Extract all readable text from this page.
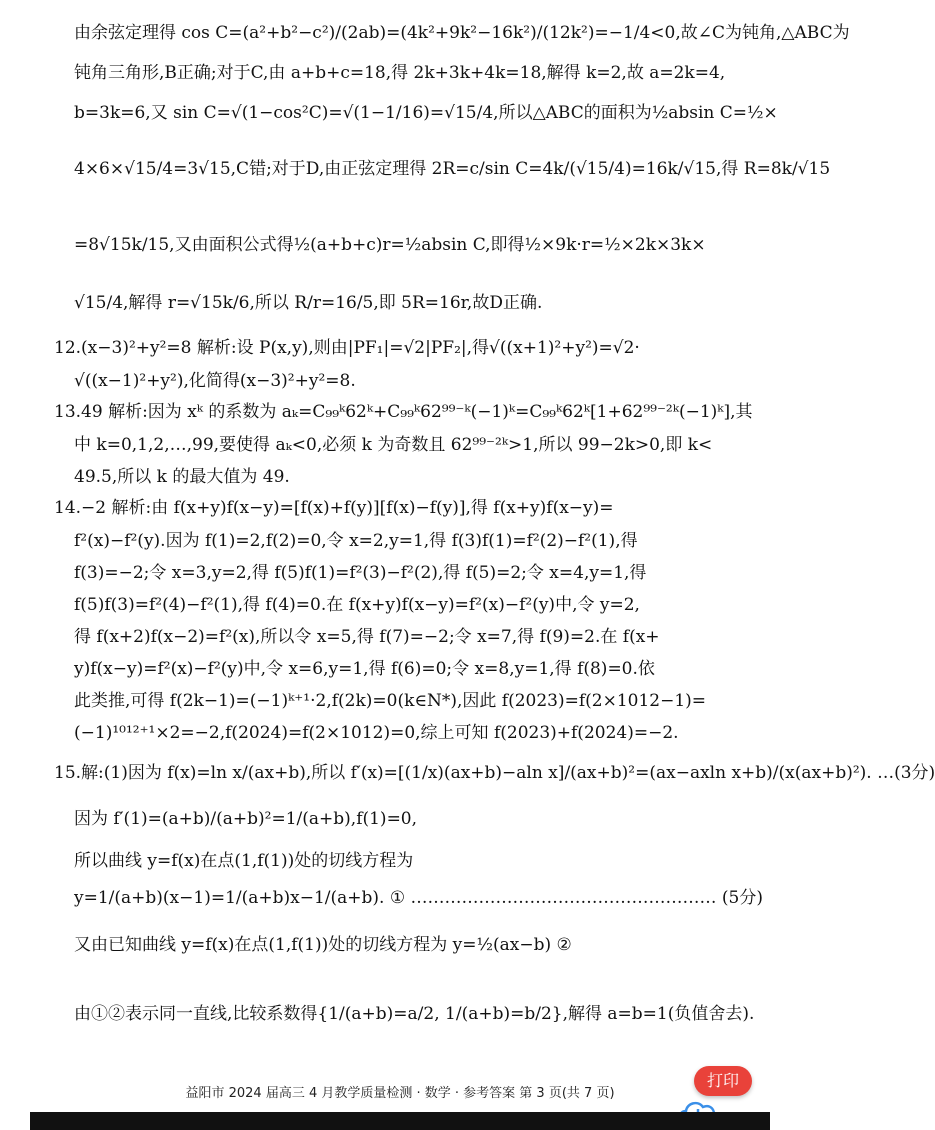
由余弦定理得 cos C=(a²+b²−c²)/(2ab)=(4k²+9k²−16k²)/(12k²)=−1/4<0,故∠C为钝角,△ABC为
钝角三角形,B正确;对于C,由 a+b+c=18,得 2k+3k+4k=18,解得 k=2,故 a=2k=4,
b=3k=6,又 sin C=√(1−cos²C)=√(1−1/16)=√15/4,所以△ABC的面积为½absin C=½×
4×6×√15/4=3√15,C错;对于D,由正弦定理得 2R=c/sin C=4k/(√15/4)=16k/√15,得 R=8k/√15
=8√15k/15,又由面积公式得½(a+b+c)r=½absin C,即得½×9k·r=½×2k×3k×
√15/4,解得 r=√15k/6,所以 R/r=16/5,即 5R=16r,故D正确.
12.(x−3)²+y²=8 解析:设 P(x,y),则由|PF₁|=√2|PF₂|,得√((x+1)²+y²)=√2·
√((x−1)²+y²),化简得(x−3)²+y²=8.
13.49 解析:因为 xᵏ 的系数为 aₖ=C₉₉ᵏ62ᵏ+C₉₉ᵏ62⁹⁹⁻ᵏ(−1)ᵏ=C₉₉ᵏ62ᵏ[1+62⁹⁹⁻²ᵏ(−1)ᵏ],其
中 k=0,1,2,…,99,要使得 aₖ<0,必须 k 为奇数且 62⁹⁹⁻²ᵏ>1,所以 99−2k>0,即 k<
49.5,所以 k 的最大值为 49.
14.−2 解析:由 f(x+y)f(x−y)=[f(x)+f(y)][f(x)−f(y)],得 f(x+y)f(x−y)=
f²(x)−f²(y).因为 f(1)=2,f(2)=0,令 x=2,y=1,得 f(3)f(1)=f²(2)−f²(1),得
f(3)=−2;令 x=3,y=2,得 f(5)f(1)=f²(3)−f²(2),得 f(5)=2;令 x=4,y=1,得
f(5)f(3)=f²(4)−f²(1),得 f(4)=0.在 f(x+y)f(x−y)=f²(x)−f²(y)中,令 y=2,
得 f(x+2)f(x−2)=f²(x),所以令 x=5,得 f(7)=−2;令 x=7,得 f(9)=2.在 f(x+
y)f(x−y)=f²(x)−f²(y)中,令 x=6,y=1,得 f(6)=0;令 x=8,y=1,得 f(8)=0.依
此类推,可得 f(2k−1)=(−1)ᵏ⁺¹·2,f(2k)=0(k∈N*),因此 f(2023)=f(2×1012−1)=
(−1)¹⁰¹²⁺¹×2=−2,f(2024)=f(2×1012)=0,综上可知 f(2023)+f(2024)=−2.
15.解:(1)因为 f(x)=ln x/(ax+b),所以 f′(x)=[(1/x)(ax+b)−aln x]/(ax+b)²=(ax−axln x+b)/(x(ax+b)²). …(3分)
因为 f′(1)=(a+b)/(a+b)²=1/(a+b),f(1)=0,
所以曲线 y=f(x)在点(1,f(1))处的切线方程为
y=1/(a+b)(x−1)=1/(a+b)x−1/(a+b). ① ……………………………………………… (5分)
又由已知曲线 y=f(x)在点(1,f(1))处的切线方程为 y=½(ax−b) ②
由①②表示同一直线,比较系数得{1/(a+b)=a/2, 1/(a+b)=b/2},解得 a=b=1(负值舍去).
益阳市 2024 届高三 4 月教学质量检测 · 数学 · 参考答案 第 3 页(共 7 页)
打印
